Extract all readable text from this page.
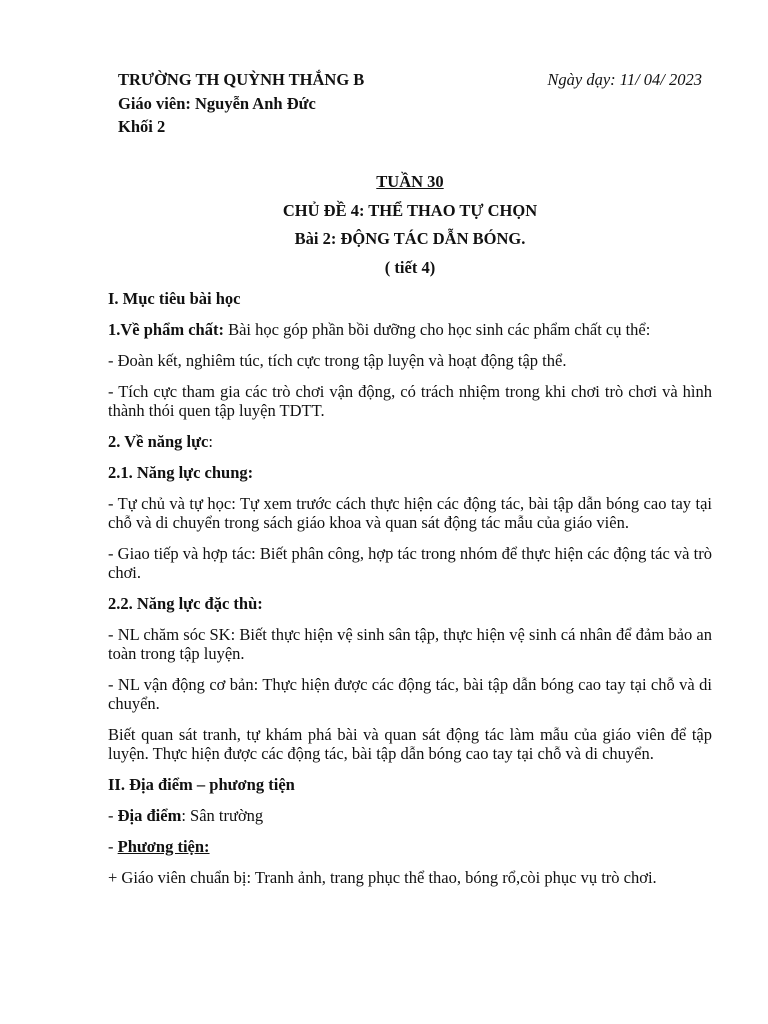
TRƯỜNG TH QUỲNH THẮNG B
Giáo viên: Nguyễn Anh Đức
Khối 2
Ngày dạy: 11/ 04/ 2023
TUẦN 30
CHỦ ĐỀ 4: THỂ THAO TỰ CHỌN
Bài 2: ĐỘNG TÁC DẪN BÓNG.
( tiết 4)

I. Mục tiêu bài học

1.Về phẩm chất: Bài học góp phần bồi dưỡng cho học sinh các phẩm chất cụ thể:

- Đoàn kết, nghiêm túc, tích cực trong tập luyện và hoạt động tập thể.

- Tích cực tham gia các trò chơi vận động, có trách nhiệm trong khi chơi trò chơi và hình thành thói quen tập luyện TDTT.

2. Về năng lực:

2.1. Năng lực chung:

- Tự chủ và tự học: Tự xem trước cách thực hiện các động tác, bài tập dẫn bóng cao tay tại chỗ và di chuyển trong sách giáo khoa và quan sát động tác mẫu của giáo viên.

- Giao tiếp và hợp tác: Biết phân công, hợp tác trong nhóm để thực hiện các động tác và trò chơi.

2.2. Năng lực đặc thù:

- NL chăm sóc SK: Biết thực hiện vệ sinh sân tập, thực hiện vệ sinh cá nhân để đảm bảo an toàn trong tập luyện.

- NL vận động cơ bản: Thực hiện được các động tác, bài tập dẫn bóng cao tay tại chỗ và di chuyển.

Biết quan sát tranh, tự khám phá bài và quan sát động tác làm mẫu của giáo viên để tập luyện. Thực hiện được các động tác, bài tập dẫn bóng cao tay tại chỗ và di chuyển.

II. Địa điểm – phương tiện

- Địa điểm: Sân trường

- Phương tiện:

+ Giáo viên chuẩn bị: Tranh ảnh, trang phục thể thao, bóng rổ,còi phục vụ trò chơi.
